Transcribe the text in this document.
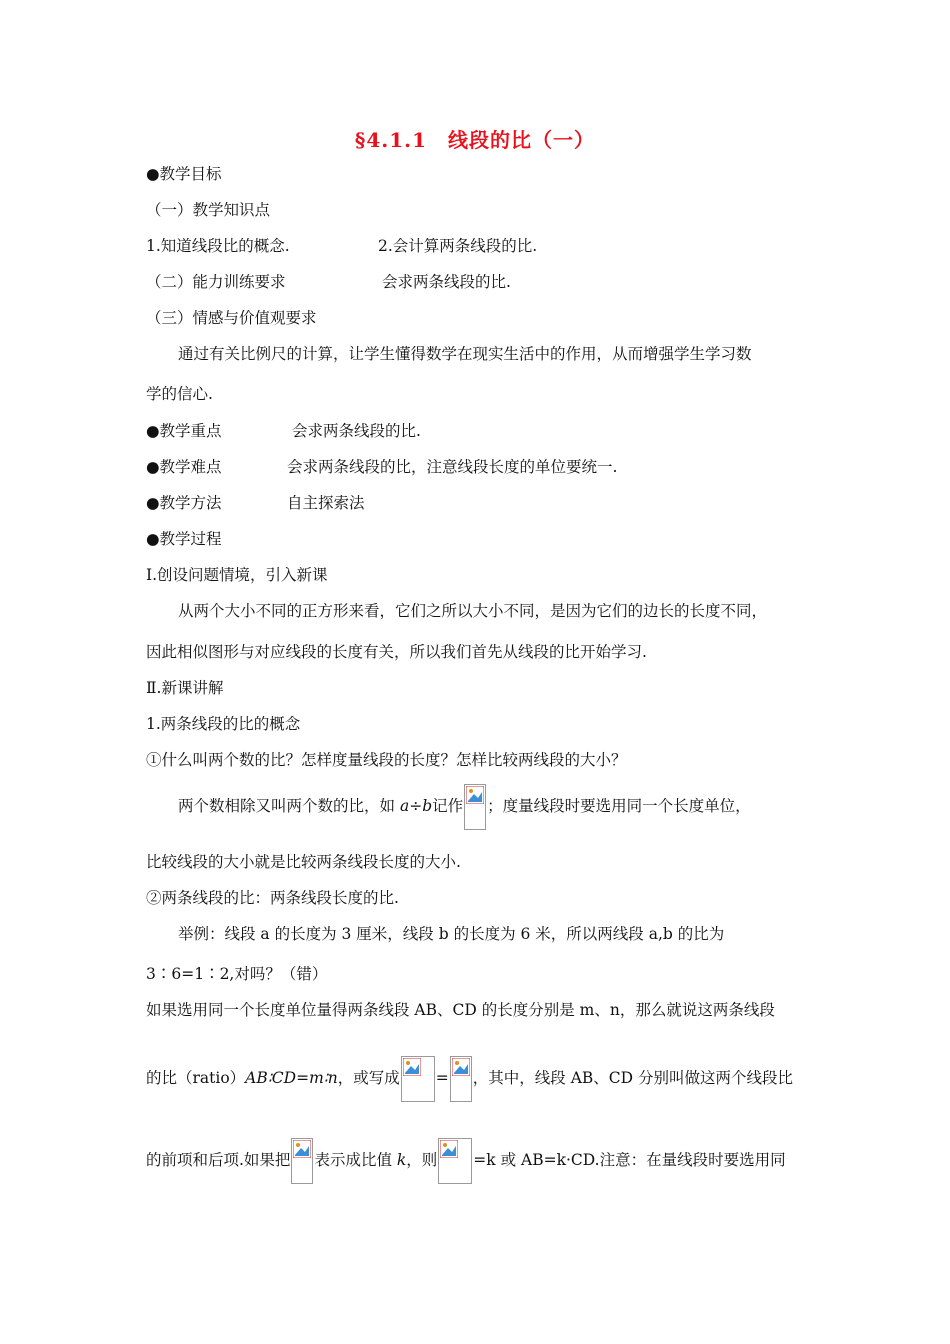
§4.1.1　线段的比（一）
●教学目标
（一）教学知识点
1.知道线段比的概念.	2.会计算两条线段的比.
（二）能力训练要求	会求两条线段的比.
（三）情感与价值观要求
通过有关比例尺的计算，让学生懂得数学在现实生活中的作用，从而增强学生学习数
学的信心.
●教学重点	会求两条线段的比.
●教学难点	会求两条线段的比，注意线段长度的单位要统一.
●教学方法	自主探索法
●教学过程
Ⅰ.创设问题情境，引入新课
从两个大小不同的正方形来看，它们之所以大小不同，是因为它们的边长的长度不同，
因此相似图形与对应线段的长度有关，所以我们首先从线段的比开始学习.
Ⅱ.新课讲解
1.两条线段的比的概念
①什么叫两个数的比？怎样度量线段的长度？怎样比较两线段的大小？
两个数相除又叫两个数的比，如 a÷b记作 ；度量线段时要选用同一个长度单位，
比较线段的大小就是比较两条线段长度的大小.
②两条线段的比：两条线段长度的比.
举例：线段 a 的长度为 3 厘米，线段 b 的长度为 6 米，所以两线段 a,b 的比为
3∶6=1∶2,对吗？（错）
如果选用同一个长度单位量得两条线段 AB、CD 的长度分别是 m、n，那么就说这两条线段
的比（ratio）AB∶CD=m∶n，或写成 = ，其中，线段 AB、CD 分别叫做这两个线段比
的前项和后项.如果把 表示成比值 k，则 =k 或 AB=k·CD.注意：在量线段时要选用同
